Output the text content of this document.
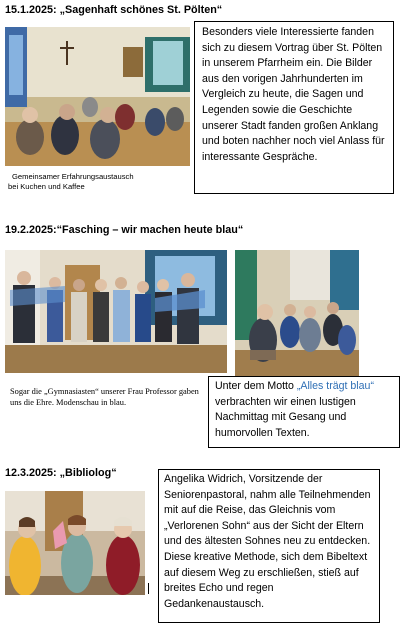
15.1.2025: „Sagenhaft schönes St. Pölten“
Gemeinsamer Erfahrungsaustausch
bei Kuchen und Kaffee
Besonders viele Interessierte fanden sich zu diesem Vortrag über St. Pölten in unserem Pfarrheim ein. Die Bilder aus den vorigen Jahrhunderten im Vergleich zu heute, die Sagen und Legenden sowie die Geschichte unserer Stadt fanden großen Anklang und boten nachher noch viel Anlass für interessante Gespräche.
19.2.2025:“Fasching – wir machen heute blau“
Sogar die „Gymnasiasten“ unserer Frau Professor gaben uns die Ehre. Modenschau in blau.
Unter dem Motto „Alles trägt blau“ verbrachten wir einen lustigen Nachmittag mit Gesang und humorvollen Texten.
12.3.2025: „Bibliolog“	Angelika Widrich, Vorsitzende der Seniorenpastoral, nahm alle Teilnehmenden mit auf die Reise, das Gleichnis vom „Verlorenen Sohn“ aus der Sicht der Eltern und des ältesten Sohnes neu zu entdecken. Diese kreative Methode, sich dem Bibeltext auf diesem Weg zu erschließen, stieß auf breites Echo und regen Gedankenaustausch.
